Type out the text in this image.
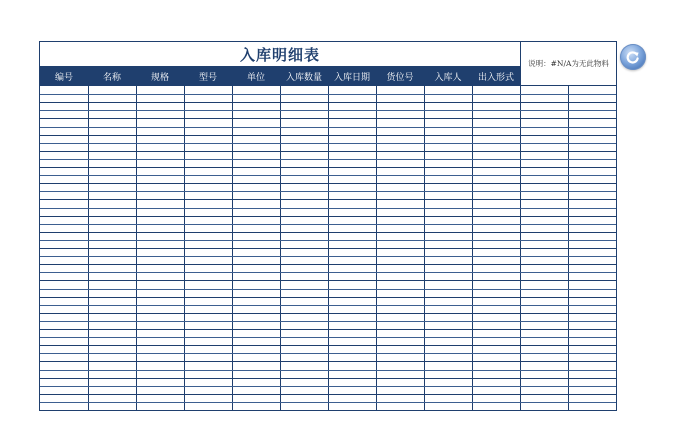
入库明细表
编号	名称	规格	型号	单位	入库数量	入库日期	货位号	入库人	出入形式
说明：#N/A为无此物料
